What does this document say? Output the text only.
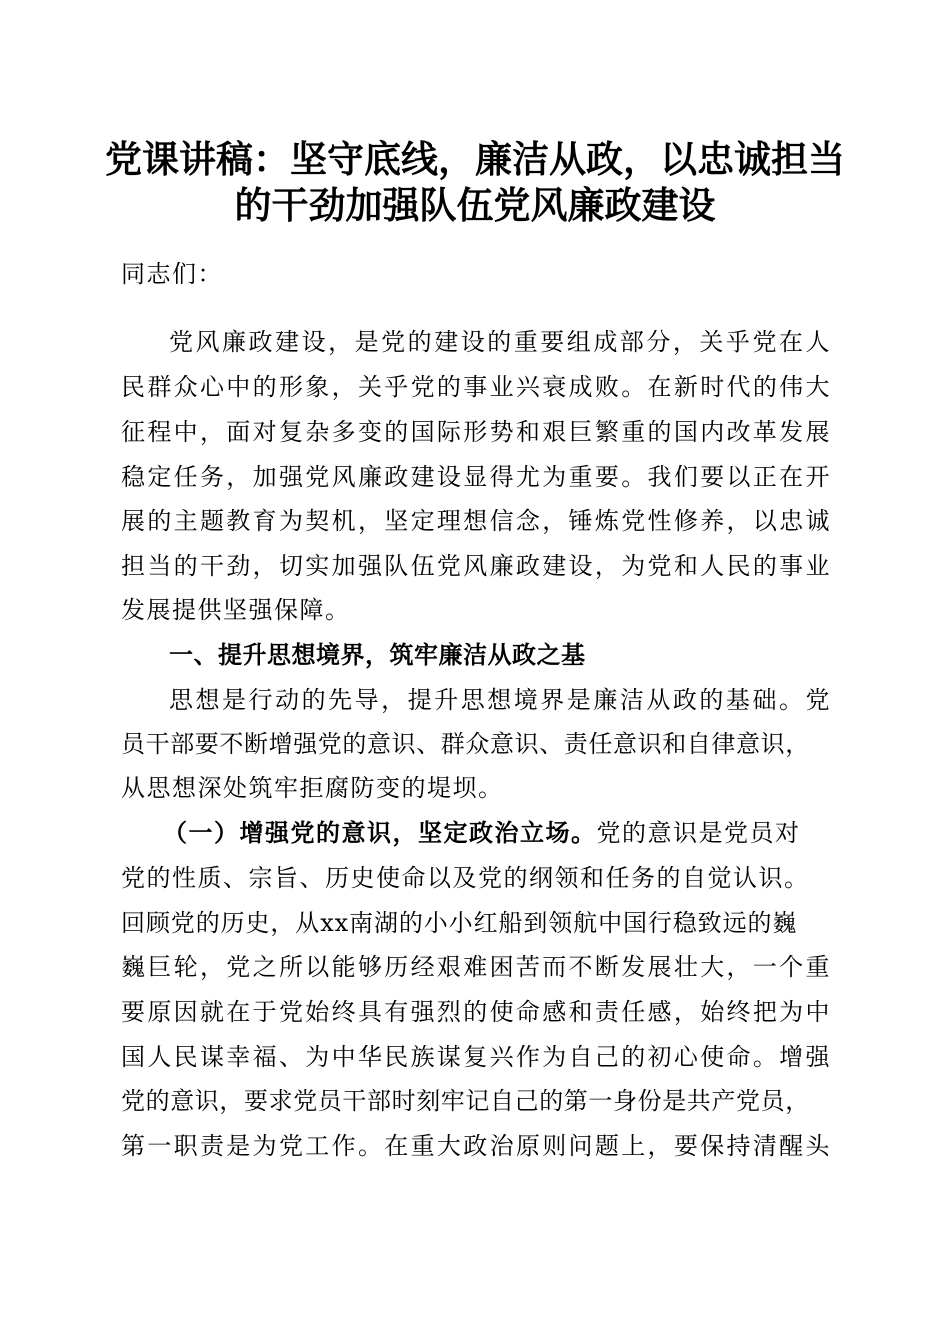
党课讲稿：坚守底线，廉洁从政，以忠诚担当
的干劲加强队伍党风廉政建设

同志们：

党风廉政建设，是党的建设的重要组成部分，关乎党在人

民群众心中的形象，关乎党的事业兴衰成败。在新时代的伟大

征程中，面对复杂多变的国际形势和艰巨繁重的国内改革发展

稳定任务，加强党风廉政建设显得尤为重要。我们要以正在开

展的主题教育为契机，坚定理想信念，锤炼党性修养，以忠诚

担当的干劲，切实加强队伍党风廉政建设，为党和人民的事业

发展提供坚强保障。

一、提升思想境界，筑牢廉洁从政之基

思想是行动的先导，提升思想境界是廉洁从政的基础。党

员干部要不断增强党的意识、群众意识、责任意识和自律意识，

从思想深处筑牢拒腐防变的堤坝。

（一）增强党的意识，坚定政治立场。党的意识是党员对

党的性质、宗旨、历史使命以及党的纲领和任务的自觉认识。

回顾党的历史，从xx南湖的小小红船到领航中国行稳致远的巍

巍巨轮，党之所以能够历经艰难困苦而不断发展壮大，一个重

要原因就在于党始终具有强烈的使命感和责任感，始终把为中

国人民谋幸福、为中华民族谋复兴作为自己的初心使命。增强

党的意识，要求党员干部时刻牢记自己的第一身份是共产党员，

第一职责是为党工作。在重大政治原则问题上，要保持清醒头
